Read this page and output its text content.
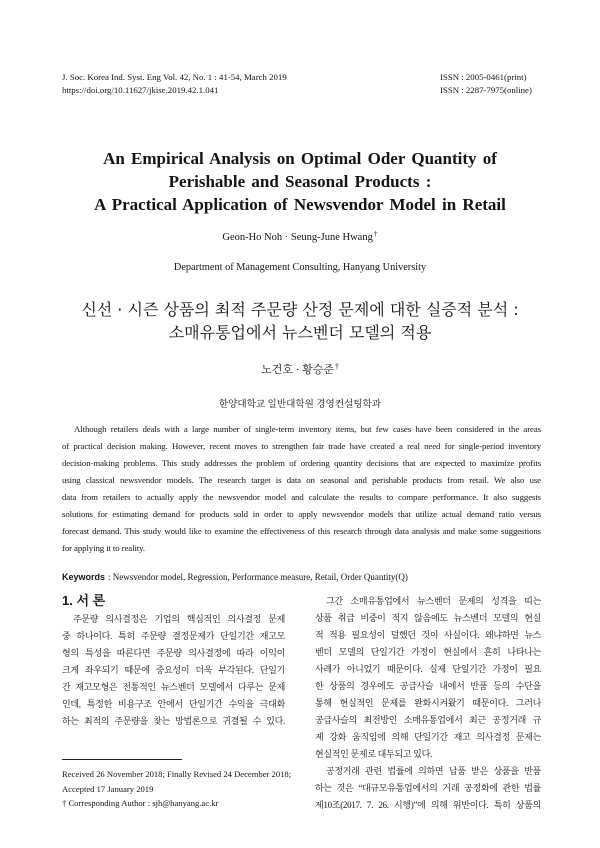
J. Soc. Korea Ind. Syst. Eng Vol. 42, No. 1 : 41-54, March 2019
https://doi.org/10.11627/jkise.2019.42.1.041
ISSN : 2005-0461(print)
ISSN : 2287-7975(online)
An Empirical Analysis on Optimal Oder Quantity of
Perishable and Seasonal Products :
A Practical Application of Newsvendor Model in Retail
Geon-Ho Noh · Seung-June Hwang†
Department of Management Consulting, Hanyang University
신선 · 시즌 상품의 최적 주문량 산정 문제에 대한 실증적 분석 :
소매유통업에서 뉴스벤더 모델의 적용
노건호 · 황승준†
한양대학교 일반대학원 경영컨설팅학과
Although retailers deals with a large number of single-term inventory items, but few cases have been considered in the areas
of practical decision making. However, recent moves to strengthen fair trade have created a real need for single-period inventory
decision-making problems. This study addresses the problem of ordering quantity decisions that are expected to maximize profits
using classical newsvendor models. The research target is data on seasonal and perishable products from retail. We also use
data from retailers to actually apply the newsvendor model and calculate the results to compare performance. It also suggests
solutions for estimating demand for products sold in order to apply newsvendor models that utilize actual demand ratio versus
forecast demand. This study would like to examine the effectiveness of this research through data analysis and make some suggestions
for applying it to reality.
Keywords : Newsvendor model, Regression, Performance measure, Retail, Order Quantity(Q)
1. 서 론
주문량 의사결정은 기업의 핵심적인 의사결정 문제
중 하나이다. 특히 주문량 결정문제가 단일기간 재고모
형의 특성을 따른다면 주문량 의사결정에 따라 이익이
크게 좌우되기 때문에 중요성이 더욱 부각된다. 단일기
간 재고모형은 전통적인 뉴스벤더 모델에서 다루는 문제
인데, 특정한 비용구조 안에서 단일기간 수익을 극대화
하는 최적의 주문량을 찾는 방법론으로 귀결될 수 있다.
그간 소매유통업에서 뉴스벤더 문제의 성격을 띠는
상품 취급 비중이 적지 않음에도 뉴스벤더 모델의 현실
적 적용 필요성이 덜했던 것이 사실이다. 왜냐하면 뉴스
벤더 모델의 단일기간 가정이 현실에서 흔히 나타나는
사례가 아니었기 때문이다. 실제 단일기간 가정이 필요
한 상품의 경우에도 공급사슬 내에서 반품 등의 수단을
통해 현실적인 문제를 완화시켜왔기 때문이다. 그러나
공급사슬의 최전방인 소매유통업에서 최근 공정거래 규
제 강화 움직임에 의해 단일기간 재고 의사결정 문제는
현실적인 문제로 대두되고 있다.
공정거래 관련 법률에 의하면 납품 받은 상품을 반품
하는 것은 “대규모유통업에서의 거래 공정화에 관한 법률
제10조(2017. 7. 26. 시행)”에 의해 위반이다. 특히 상품의
Received 26 November 2018; Finally Revised 24 December 2018;
Accepted 17 January 2019
† Corresponding Author : sjh@hanyang.ac.kr
